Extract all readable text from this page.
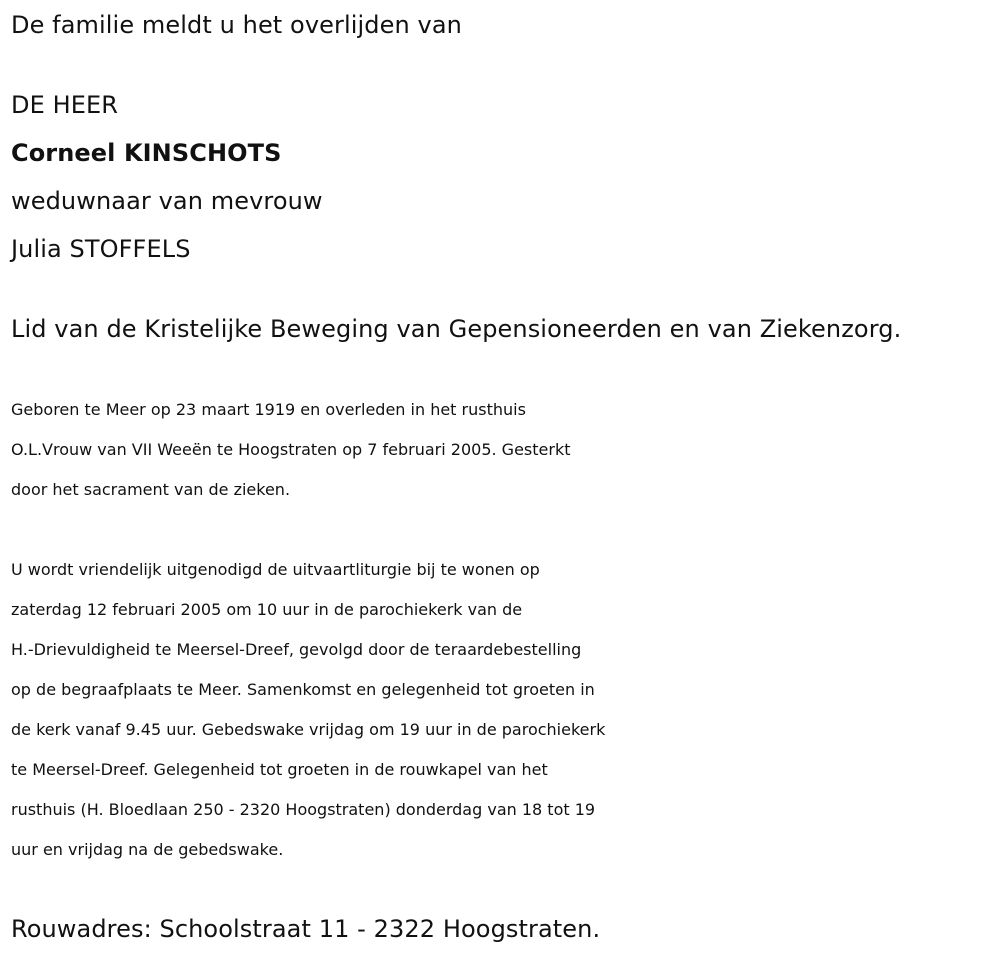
De familie meldt u het overlijden van
DE HEER
Corneel KINSCHOTS
weduwnaar van mevrouw
Julia STOFFELS
Lid van de Kristelijke Beweging van Gepensioneerden en van Ziekenzorg.
Geboren te Meer op 23 maart 1919 en overleden in het rusthuis
O.L.Vrouw van VII Weeën te Hoogstraten op 7 februari 2005. Gesterkt
door het sacrament van de zieken.
U wordt vriendelijk uitgenodigd de uitvaartliturgie bij te wonen op
zaterdag 12 februari 2005 om 10 uur in de parochiekerk van de
H.-Drievuldigheid te Meersel-Dreef, gevolgd door de teraardebestelling
op de begraafplaats te Meer. Samenkomst en gelegenheid tot groeten in
de kerk vanaf 9.45 uur. Gebedswake vrijdag om 19 uur in de parochiekerk
te Meersel-Dreef. Gelegenheid tot groeten in de rouwkapel van het
rusthuis (H. Bloedlaan 250 - 2320 Hoogstraten) donderdag van 18 tot 19
uur en vrijdag na de gebedswake.
Rouwadres: Schoolstraat 11 - 2322 Hoogstraten.
